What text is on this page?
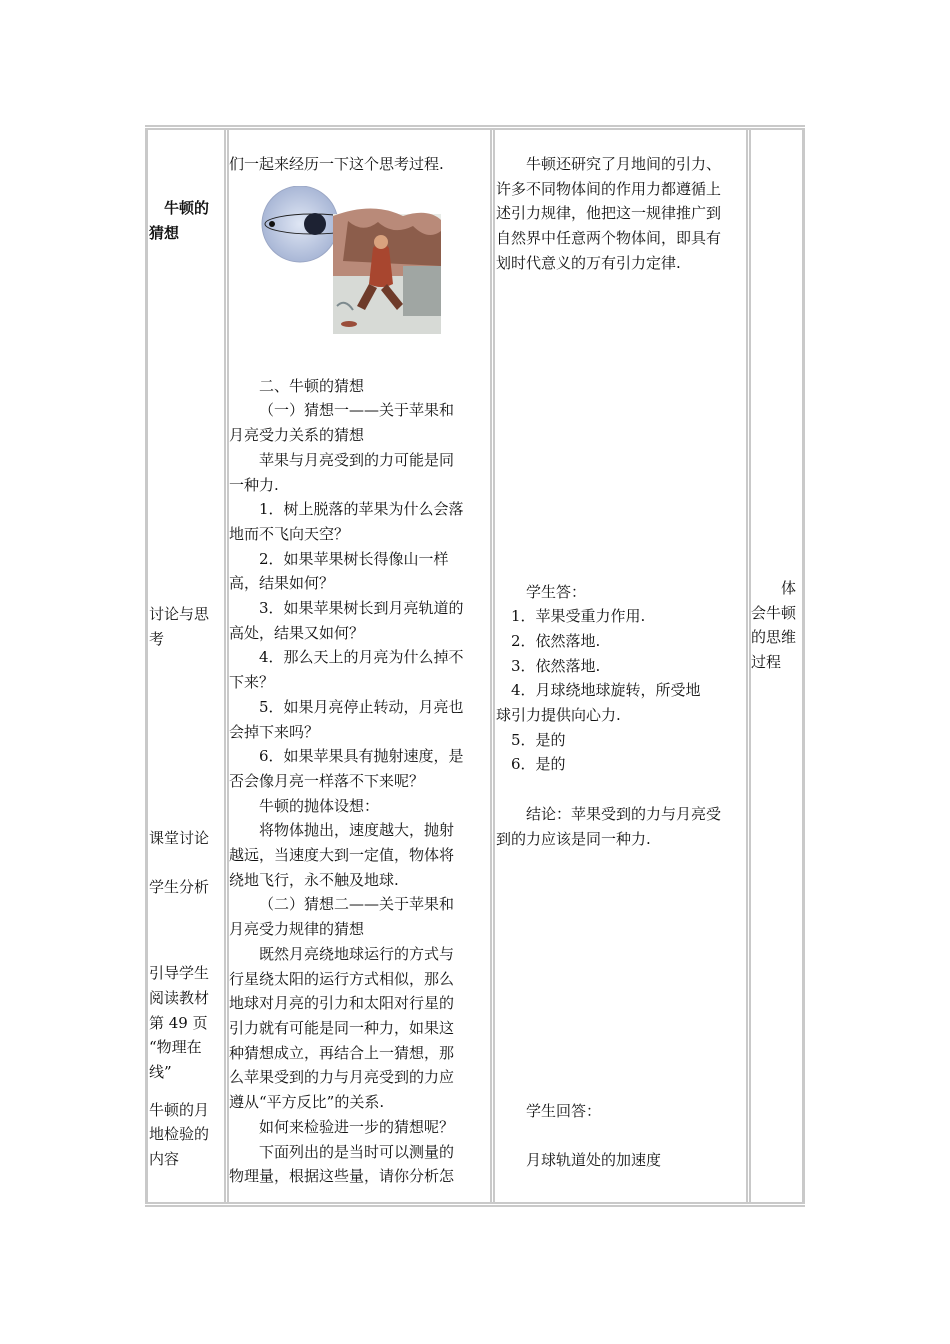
牛顿的

猜想

讨论与思

考

课堂讨论

学生分析

引导学生

阅读教材

第 49 页

“物理在

线”

牛顿的月

地检验的

内容

们一起来经历一下这个思考过程.

二、牛顿的猜想

（一）猜想一——关于苹果和

月亮受力关系的猜想

苹果与月亮受到的力可能是同

一种力.

1．树上脱落的苹果为什么会落

地而不飞向天空？

2．如果苹果树长得像山一样

高，结果如何？

3．如果苹果树长到月亮轨道的

高处，结果又如何？

4．那么天上的月亮为什么掉不

下来？

5．如果月亮停止转动，月亮也

会掉下来吗？

6．如果苹果具有抛射速度，是

否会像月亮一样落不下来呢？

牛顿的抛体设想：

将物体抛出，速度越大，抛射

越远，当速度大到一定值，物体将

绕地飞行，永不触及地球.

（二）猜想二——关于苹果和

月亮受力规律的猜想

既然月亮绕地球运行的方式与

行星绕太阳的运行方式相似，那么

地球对月亮的引力和太阳对行星的

引力就有可能是同一种力，如果这

种猜想成立，再结合上一猜想，那

么苹果受到的力与月亮受到的力应

遵从“平方反比”的关系.

如何来检验进一步的猜想呢？

下面列出的是当时可以测量的

物理量，根据这些量，请你分析怎

牛顿还研究了月地间的引力、

许多不同物体间的作用力都遵循上

述引力规律，他把这一规律推广到

自然界中任意两个物体间，即具有

划时代意义的万有引力定律.

学生答：

1．苹果受重力作用.

2．依然落地.

3．依然落地.

4．月球绕地球旋转，所受地

球引力提供向心力.

5．是的

6．是的

结论：苹果受到的力与月亮受

到的力应该是同一种力.

学生回答：

月球轨道处的加速度

体

会牛顿

的思维

过程
